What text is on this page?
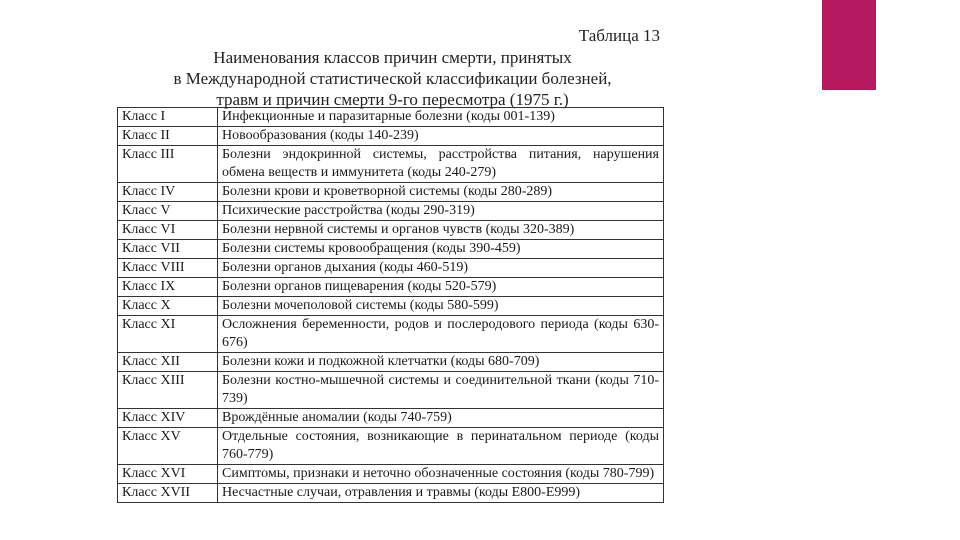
Таблица 13
Наименования классов причин смерти, принятых
в Международной статистической классификации болезней,
травм и причин смерти 9-го пересмотра (1975 г.)
Класс I	Инфекционные и паразитарные болезни (коды 001-139)
Класс II	Новообразования (коды 140-239)
Класс III	Болезни эндокринной системы, расстройства питания, нарушения обмена веществ и иммунитета (коды 240-279)
Класс IV	Болезни крови и кроветворной системы (коды 280-289)
Класс V	Психические расстройства (коды 290-319)
Класс VI	Болезни нервной системы и органов чувств (коды 320-389)
Класс VII	Болезни системы кровообращения (коды 390-459)
Класс VIII	Болезни органов дыхания (коды 460-519)
Класс IX	Болезни органов пищеварения (коды 520-579)
Класс X	Болезни мочеполовой системы (коды 580-599)
Класс XI	Осложнения беременности, родов и послеродового периода (коды 630-676)
Класс XII	Болезни кожи и подкожной клетчатки (коды 680-709)
Класс XIII	Болезни костно-мышечной системы и соединительной ткани (коды 710-739)
Класс XIV	Врождённые аномалии (коды 740-759)
Класс XV	Отдельные состояния, возникающие в перинатальном периоде (коды 760-779)
Класс XVI	Симптомы, признаки и неточно обозначенные состояния (коды 780-799)
Класс XVII	Несчастные случаи, отравления и травмы (коды E800-E999)
